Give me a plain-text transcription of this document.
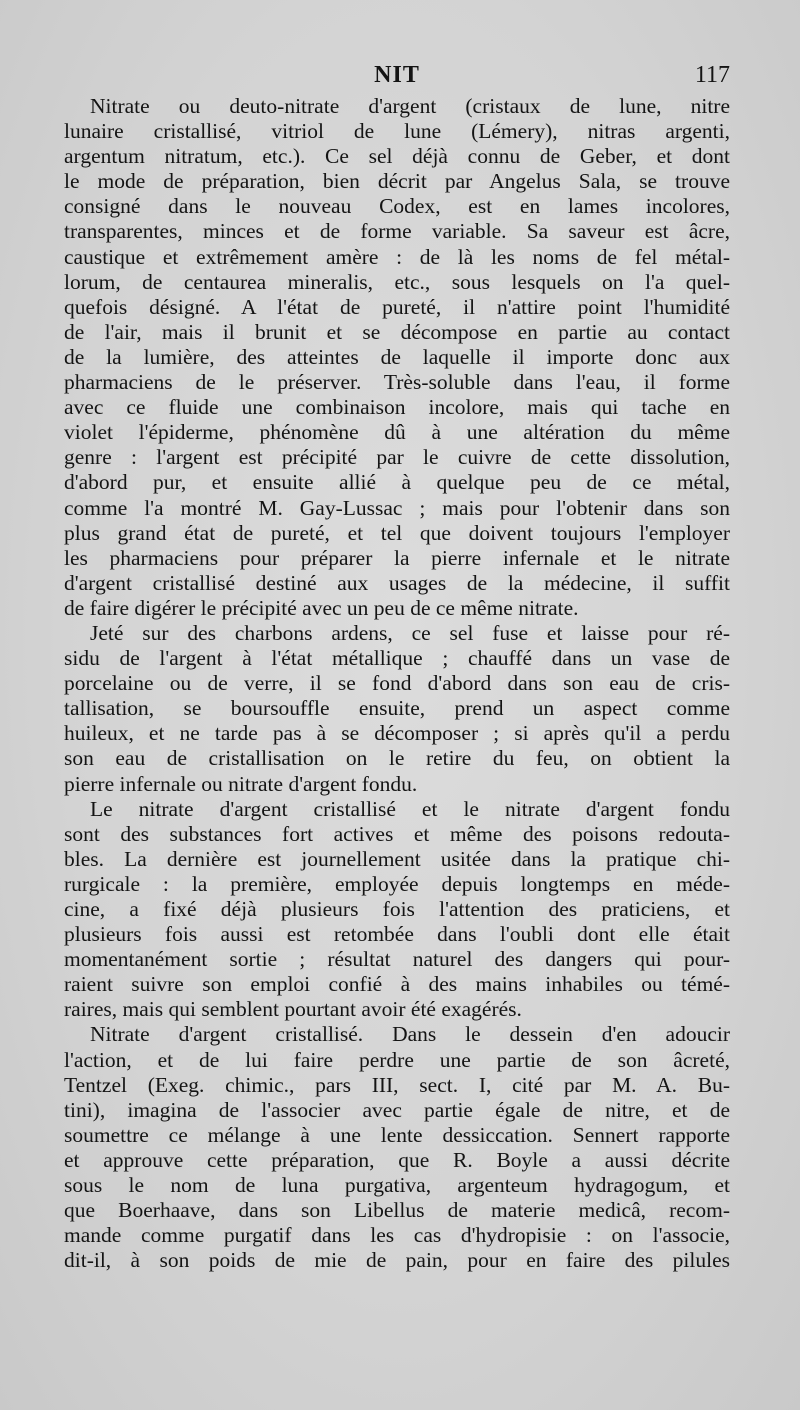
NIT	117
Nitrate ou deuto-nitrate d'argent (cristaux de lune, nitre
lunaire cristallisé, vitriol de lune (Lémery), nitras argenti,
argentum nitratum, etc.). Ce sel déjà connu de Geber, et dont
le mode de préparation, bien décrit par Angelus Sala, se trouve
consigné dans le nouveau Codex, est en lames incolores,
transparentes, minces et de forme variable. Sa saveur est âcre,
caustique et extrêmement amère : de là les noms de fel métal-
lorum, de centaurea mineralis, etc., sous lesquels on l'a quel-
quefois désigné. A l'état de pureté, il n'attire point l'humidité
de l'air, mais il brunit et se décompose en partie au contact
de la lumière, des atteintes de laquelle il importe donc aux
pharmaciens de le préserver. Très-soluble dans l'eau, il forme
avec ce fluide une combinaison incolore, mais qui tache en
violet l'épiderme, phénomène dû à une altération du même
genre : l'argent est précipité par le cuivre de cette dissolution,
d'abord pur, et ensuite allié à quelque peu de ce métal,
comme l'a montré M. Gay-Lussac ; mais pour l'obtenir dans son
plus grand état de pureté, et tel que doivent toujours l'employer
les pharmaciens pour préparer la pierre infernale et le nitrate
d'argent cristallisé destiné aux usages de la médecine, il suffit
de faire digérer le précipité avec un peu de ce même nitrate.
Jeté sur des charbons ardens, ce sel fuse et laisse pour ré-
sidu de l'argent à l'état métallique ; chauffé dans un vase de
porcelaine ou de verre, il se fond d'abord dans son eau de cris-
tallisation, se boursouffle ensuite, prend un aspect comme
huileux, et ne tarde pas à se décomposer ; si après qu'il a perdu
son eau de cristallisation on le retire du feu, on obtient la
pierre infernale ou nitrate d'argent fondu.
Le nitrate d'argent cristallisé et le nitrate d'argent fondu
sont des substances fort actives et même des poisons redouta-
bles. La dernière est journellement usitée dans la pratique chi-
rurgicale : la première, employée depuis longtemps en méde-
cine, a fixé déjà plusieurs fois l'attention des praticiens, et
plusieurs fois aussi est retombée dans l'oubli dont elle était
momentanément sortie ; résultat naturel des dangers qui pour-
raient suivre son emploi confié à des mains inhabiles ou témé-
raires, mais qui semblent pourtant avoir été exagérés.
Nitrate d'argent cristallisé. Dans le dessein d'en adoucir
l'action, et de lui faire perdre une partie de son âcreté,
Tentzel (Exeg. chimic., pars III, sect. I, cité par M. A. Bu-
tini), imagina de l'associer avec partie égale de nitre, et de
soumettre ce mélange à une lente dessiccation. Sennert rapporte
et approuve cette préparation, que R. Boyle a aussi décrite
sous le nom de luna purgativa, argenteum hydragogum, et
que Boerhaave, dans son Libellus de materie medicâ, recom-
mande comme purgatif dans les cas d'hydropisie : on l'associe,
dit-il, à son poids de mie de pain, pour en faire des pilules
